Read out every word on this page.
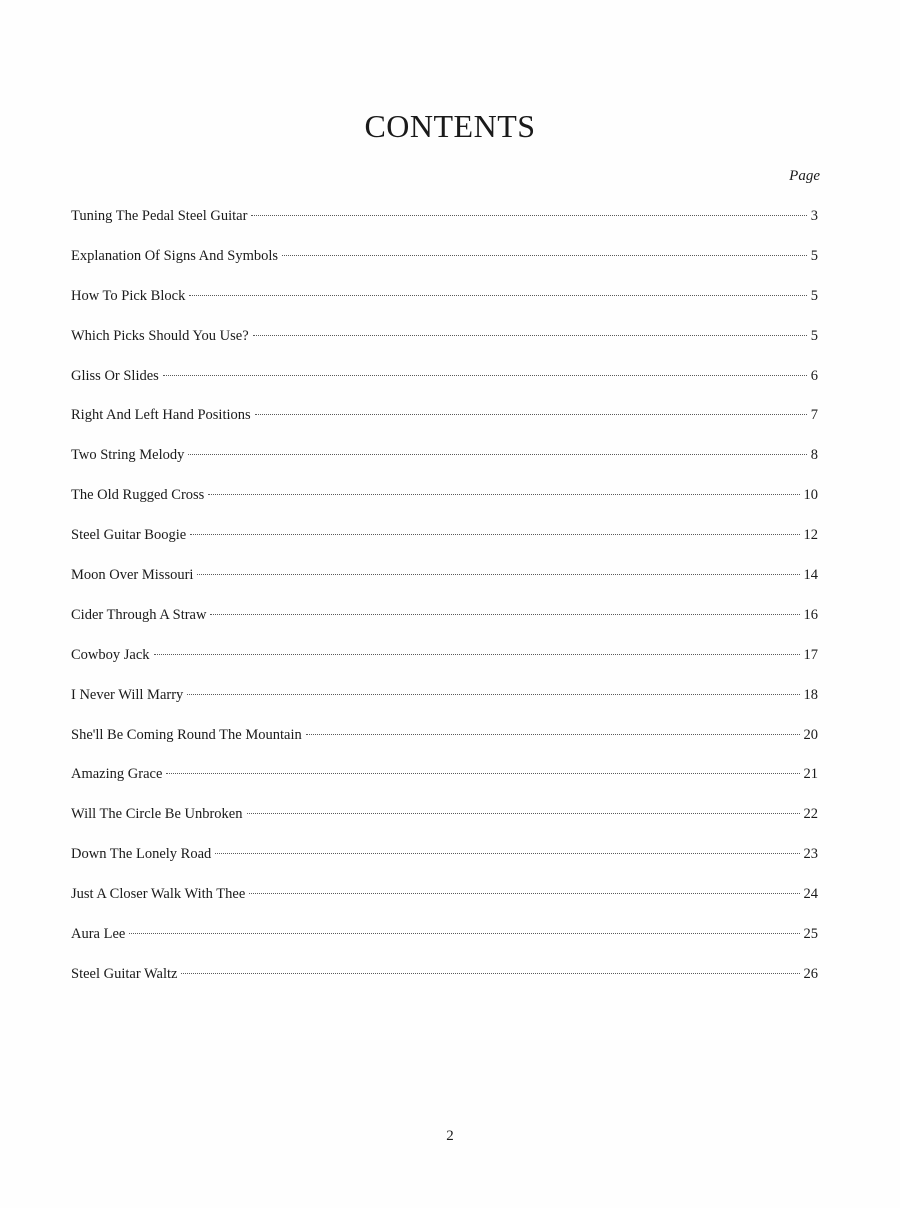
CONTENTS
Page
Tuning The Pedal Steel Guitar	3
Explanation Of Signs And Symbols	5
How To Pick Block	5
Which Picks Should You Use?	5
Gliss Or Slides	6
Right And Left Hand Positions	7
Two String Melody	8
The Old Rugged Cross	10
Steel Guitar Boogie	12
Moon Over Missouri	14
Cider Through A Straw	16
Cowboy Jack	17
I Never Will Marry	18
She'll Be Coming Round The Mountain	20
Amazing Grace	21
Will The Circle Be Unbroken	22
Down The Lonely Road	23
Just A Closer Walk With Thee	24
Aura Lee	25
Steel Guitar Waltz	26
2
